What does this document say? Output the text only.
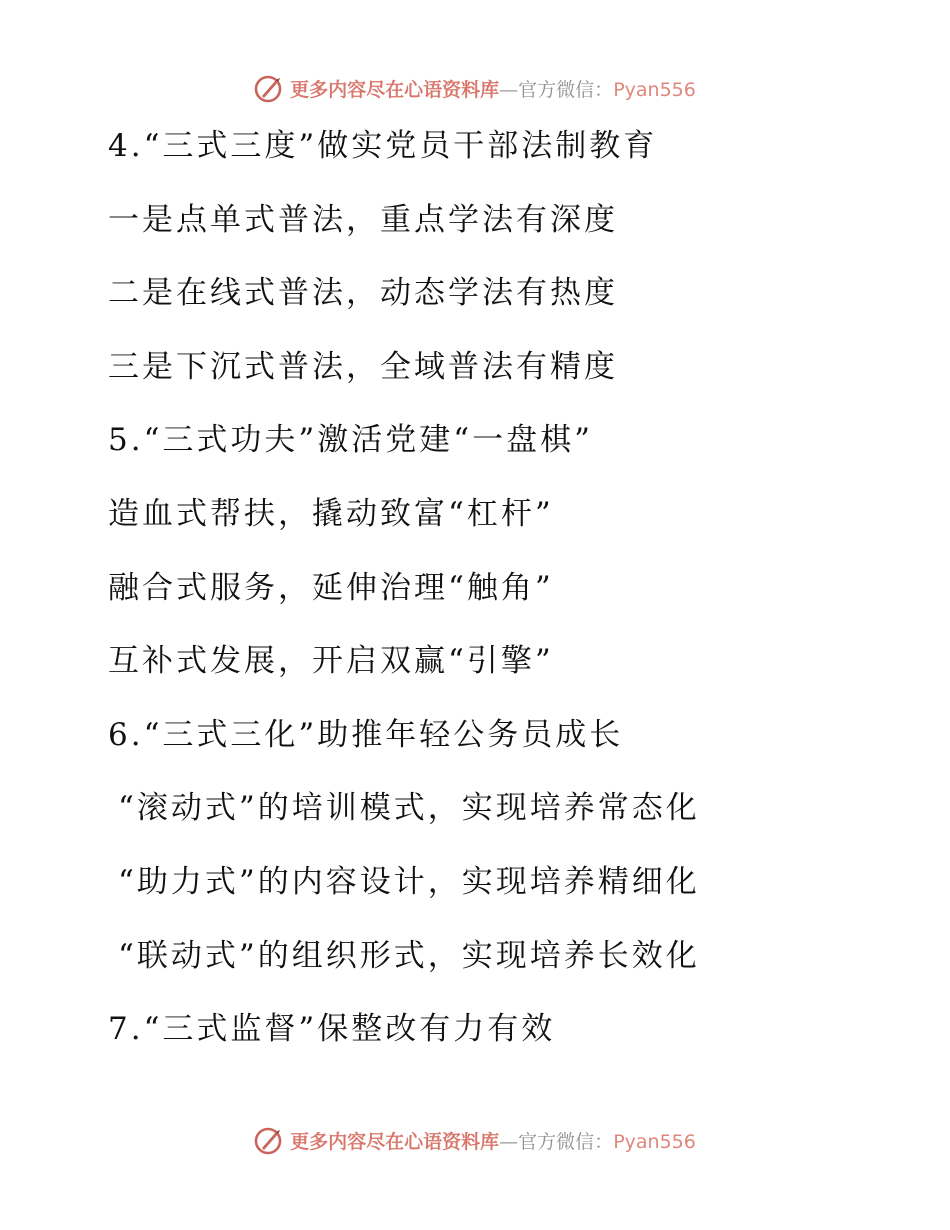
更多内容尽在心语资料库—官方微信：Pyan556
4.“三式三度”做实党员干部法制教育
一是点单式普法，重点学法有深度
二是在线式普法，动态学法有热度
三是下沉式普法，全域普法有精度
5.“三式功夫”激活党建“一盘棋”
造血式帮扶，撬动致富“杠杆”
融合式服务，延伸治理“触角”
互补式发展，开启双赢“引擎”
6.“三式三化”助推年轻公务员成长
“滚动式”的培训模式，实现培养常态化
“助力式”的内容设计，实现培养精细化
“联动式”的组织形式，实现培养长效化
7.“三式监督”保整改有力有效
更多内容尽在心语资料库—官方微信：Pyan556
